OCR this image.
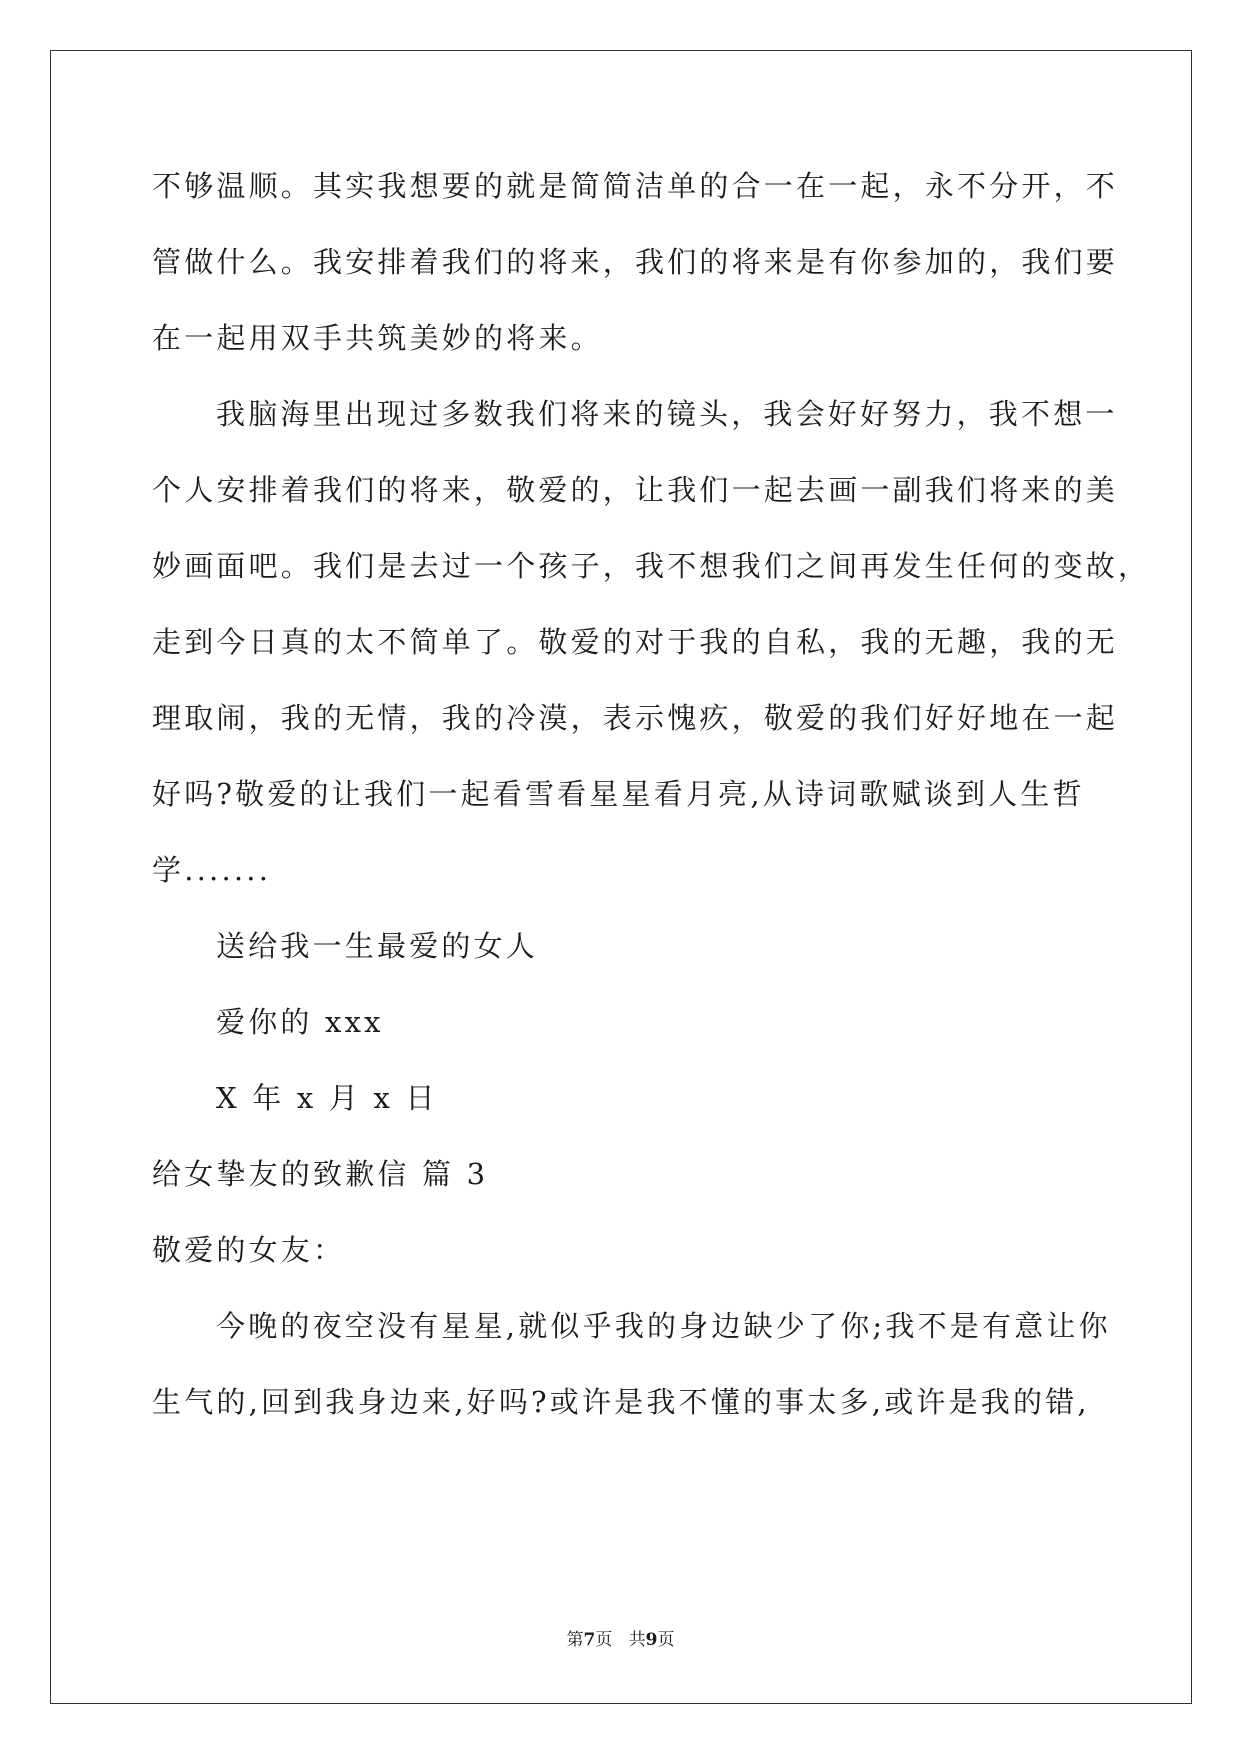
不够温顺。其实我想要的就是简简洁单的合一在一起，永不分开，不
管做什么。我安排着我们的将来，我们的将来是有你参加的，我们要
在一起用双手共筑美妙的将来。
我脑海里出现过多数我们将来的镜头，我会好好努力，我不想一
个人安排着我们的将来，敬爱的，让我们一起去画一副我们将来的美
妙画面吧。我们是去过一个孩子，我不想我们之间再发生任何的变故，
走到今日真的太不简单了。敬爱的对于我的自私，我的无趣，我的无
理取闹，我的无情，我的冷漠，表示愧疚，敬爱的我们好好地在一起
好吗?敬爱的让我们一起看雪看星星看月亮,从诗词歌赋谈到人生哲
学.......
送给我一生最爱的女人
爱你的 xxx
X 年 x 月 x 日
给女挚友的致歉信 篇 3
敬爱的女友：
今晚的夜空没有星星,就似乎我的身边缺少了你;我不是有意让你
生气的,回到我身边来,好吗?或许是我不懂的事太多,或许是我的错,
第7页   共9页
